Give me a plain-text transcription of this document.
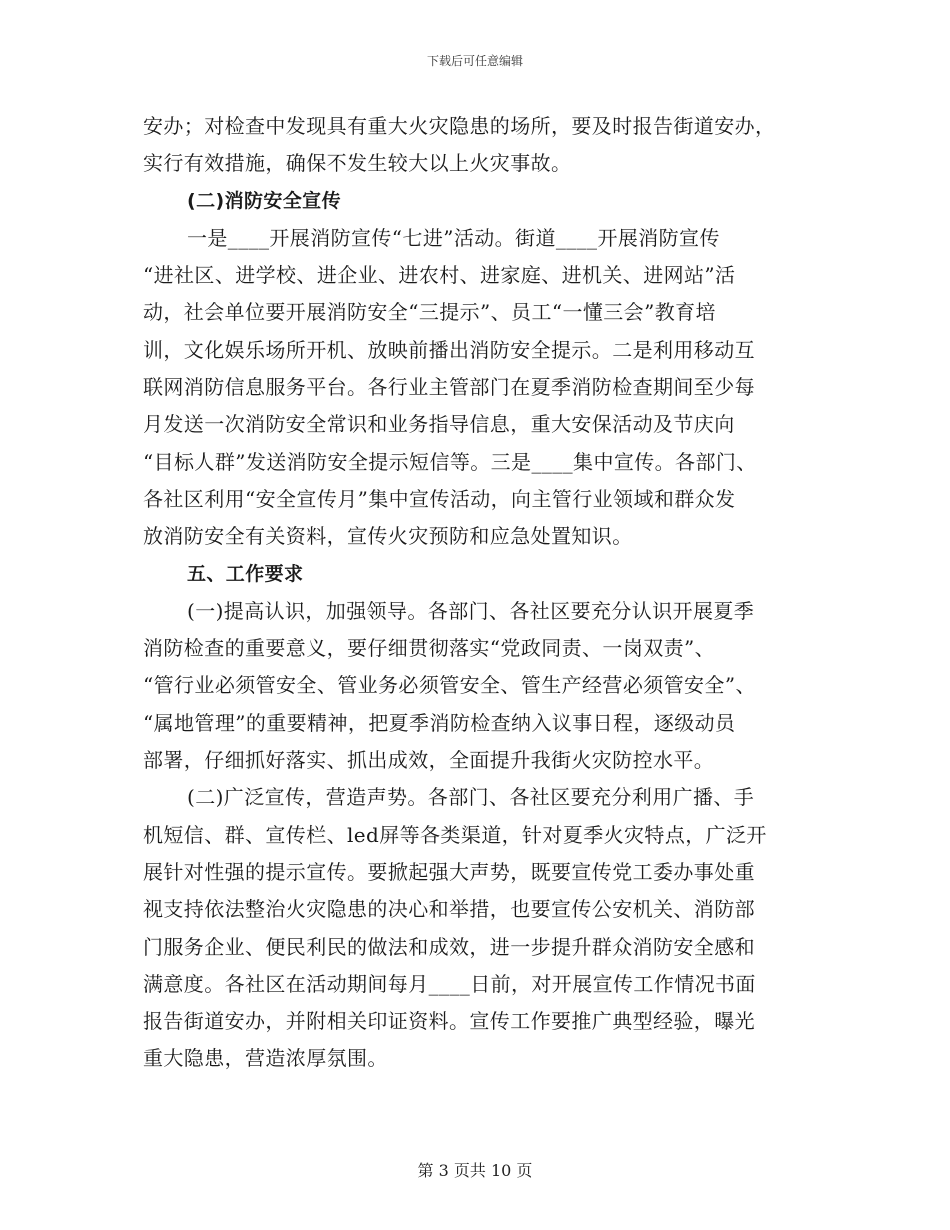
下载后可任意编辑
安办；对检查中发现具有重大火灾隐患的场所，要及时报告街道安办，
实行有效措施，确保不发生较大以上火灾事故。
(二)消防安全宣传
一是____开展消防宣传“七进”活动。街道____开展消防宣传
“进社区、进学校、进企业、进农村、进家庭、进机关、进网站”活
动，社会单位要开展消防安全“三提示”、员工“一懂三会”教育培
训，文化娱乐场所开机、放映前播出消防安全提示。二是利用移动互
联网消防信息服务平台。各行业主管部门在夏季消防检查期间至少每
月发送一次消防安全常识和业务指导信息，重大安保活动及节庆向
“目标人群”发送消防安全提示短信等。三是____集中宣传。各部门、
各社区利用“安全宣传月”集中宣传活动，向主管行业领域和群众发
放消防安全有关资料，宣传火灾预防和应急处置知识。
五、工作要求
(一)提高认识，加强领导。各部门、各社区要充分认识开展夏季
消防检查的重要意义，要仔细贯彻落实“党政同责、一岗双责”、
“管行业必须管安全、管业务必须管安全、管生产经营必须管安全”、
“属地管理”的重要精神，把夏季消防检查纳入议事日程，逐级动员
部署，仔细抓好落实、抓出成效，全面提升我街火灾防控水平。
(二)广泛宣传，营造声势。各部门、各社区要充分利用广播、手
机短信、群、宣传栏、led屏等各类渠道，针对夏季火灾特点，广泛开
展针对性强的提示宣传。要掀起强大声势，既要宣传党工委办事处重
视支持依法整治火灾隐患的决心和举措，也要宣传公安机关、消防部
门服务企业、便民利民的做法和成效，进一步提升群众消防安全感和
满意度。各社区在活动期间每月____日前，对开展宣传工作情况书面
报告街道安办，并附相关印证资料。宣传工作要推广典型经验，曝光
重大隐患，营造浓厚氛围。
第 3 页共 10 页
